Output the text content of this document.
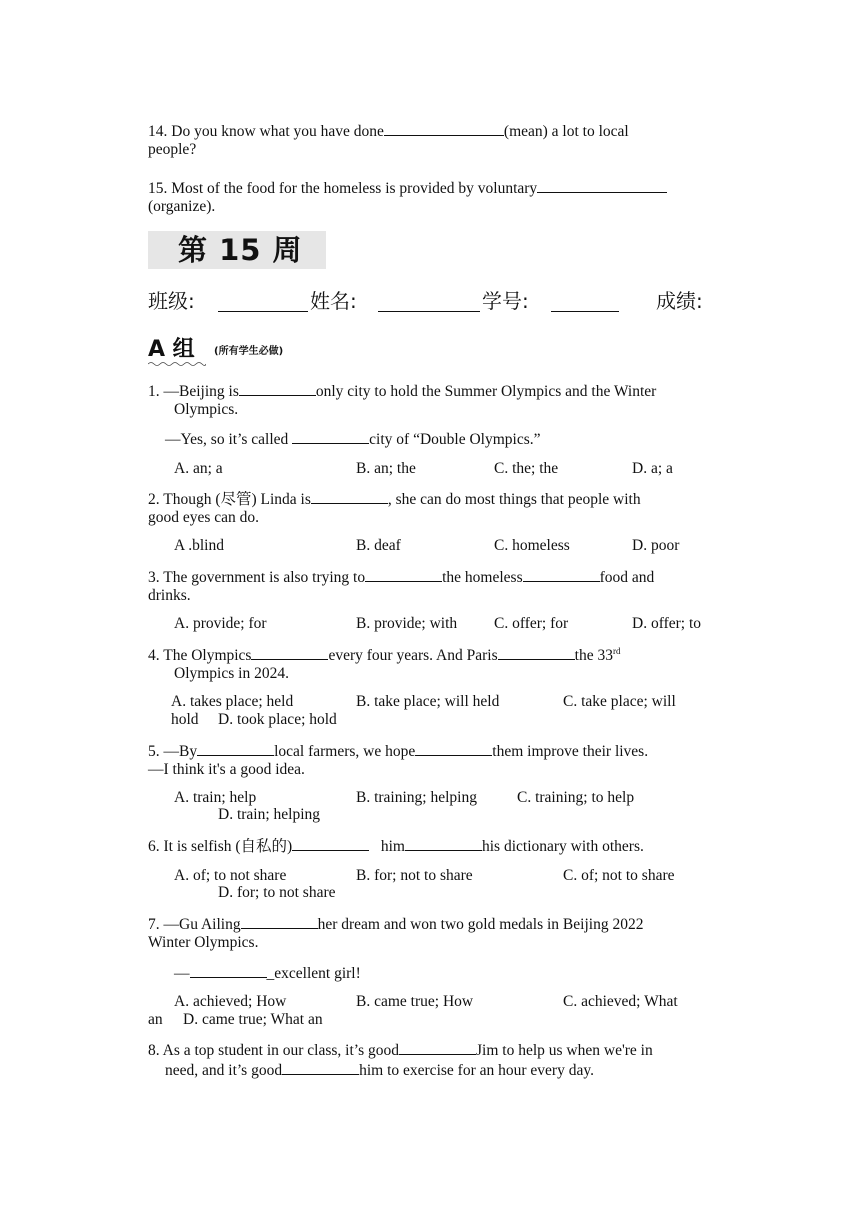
14. Do you know what you have done	(mean) a lot to local
people?
15. Most of the food for the homeless is provided by voluntary
(organize).
第 15 周
班级:	姓名:	学号:	成绩:
A 组 (所有学生必做)
1. —Beijing is	only city to hold the Summer Olympics and the Winter
Olympics.
—Yes, so it’s called	city of “Double Olympics.”
A. an; a	B. an; the	C. the; the	D. a; a
2. Though (尽管) Linda is	, she can do most things that people with
good eyes can do.
A .blind	B. deaf	C. homeless	D. poor
3. The government is also trying to	the homeless	food and
drinks.
A. provide; for	B. provide; with C. offer; for	D. offer; to
4. The Olympics	every four years. And Paris	the 33rd
Olympics in 2024.
A. takes place; held	B. take place; will held	C. take place; will
hold D. took place; hold
5. —By	local farmers, we hope	them improve their lives.
—I think it's a good idea.
A. train; help	B. training; helping	C. training; to help
D. train; helping
6. It is selfish (自私的)	him	his dictionary with others.
A. of; to not share	B. for; not to share	C. of; not to share
D. for; to not share
7. —Gu Ailing	her dream and won two gold medals in Beijing 2022
Winter Olympics.
—	_excellent girl!
A. achieved; How	B. came true; How	C. achieved; What
an D. came true; What an
8. As a top student in our class, it’s good	Jim to help us when we're in
need, and it’s good	him to exercise for an hour every day.
